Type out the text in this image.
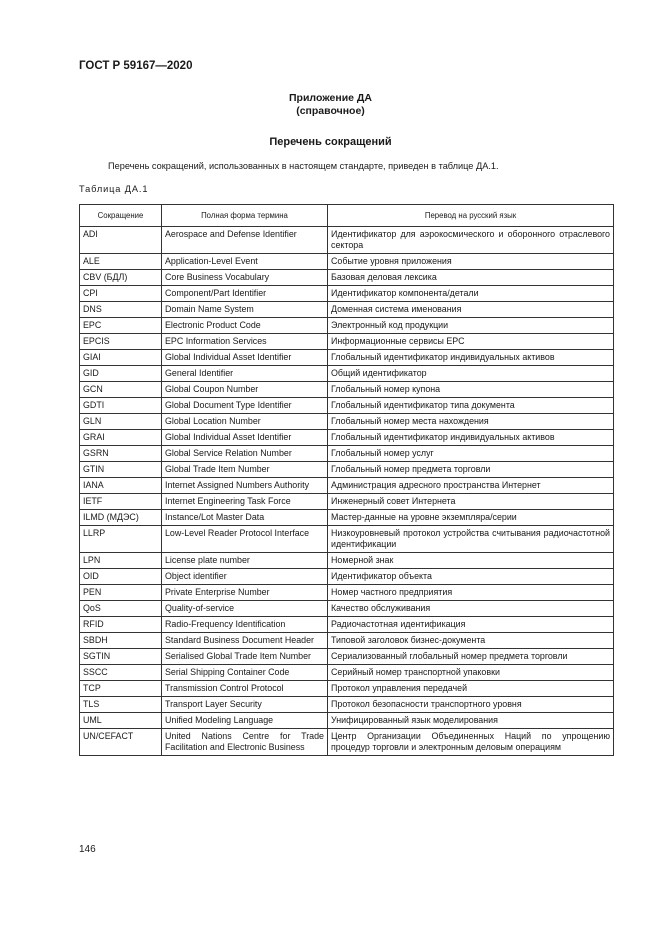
ГОСТ Р 59167—2020
Приложение ДА
(справочное)
Перечень сокращений
Перечень сокращений, использованных в настоящем стандарте, приведен в таблице ДА.1.
Таблица ДА.1
Сокращение	Полная форма термина	Перевод на русский язык
ADI	Aerospace and Defense Identifier	Идентификатор для аэрокосмического и оборонного отраслевого сектора
ALE	Application-Level Event	Событие уровня приложения
CBV (БДЛ)	Core Business Vocabulary	Базовая деловая лексика
CPI	Component/Part Identifier	Идентификатор компонента/детали
DNS	Domain Name System	Доменная система именования
EPC	Electronic Product Code	Электронный код продукции
EPCIS	EPC Information Services	Информационные сервисы EPC
GIAI	Global Individual Asset Identifier	Глобальный идентификатор индивидуальных активов
GID	General Identifier	Общий идентификатор
GCN	Global Coupon Number	Глобальный номер купона
GDTI	Global Document Type Identifier	Глобальный идентификатор типа документа
GLN	Global Location Number	Глобальный номер места нахождения
GRAI	Global Individual Asset Identifier	Глобальный идентификатор индивидуальных активов
GSRN	Global Service Relation Number	Глобальный номер услуг
GTIN	Global Trade Item Number	Глобальный номер предмета торговли
IANA	Internet Assigned Numbers Authority	Администрация адресного пространства Интернет
IETF	Internet Engineering Task Force	Инженерный совет Интернета
ILMD (МДЭС)	Instance/Lot Master Data	Мастер-данные на уровне экземпляра/серии
LLRP	Low-Level Reader Protocol Interface	Низкоуровневый протокол устройства считывания радиочастотной идентификации
LPN	License plate number	Номерной знак
OID	Object identifier	Идентификатор объекта
PEN	Private Enterprise Number	Номер частного предприятия
QoS	Quality-of-service	Качество обслуживания
RFID	Radio-Frequency Identification	Радиочастотная идентификация
SBDH	Standard Business Document Header	Типовой заголовок бизнес-документа
SGTIN	Serialised Global Trade Item Number	Сериализованный глобальный номер предмета торговли
SSCC	Serial Shipping Container Code	Серийный номер транспортной упаковки
TCP	Transmission Control Protocol	Протокол управления передачей
TLS	Transport Layer Security	Протокол безопасности транспортного уровня
UML	Unified Modeling Language	Унифицированный язык моделирования
UN/CEFACT	United Nations Centre for Trade Facilitation and Electronic Business	Центр Организации Объединенных Наций по упрощению процедур торговли и электронным деловым операциям
146
